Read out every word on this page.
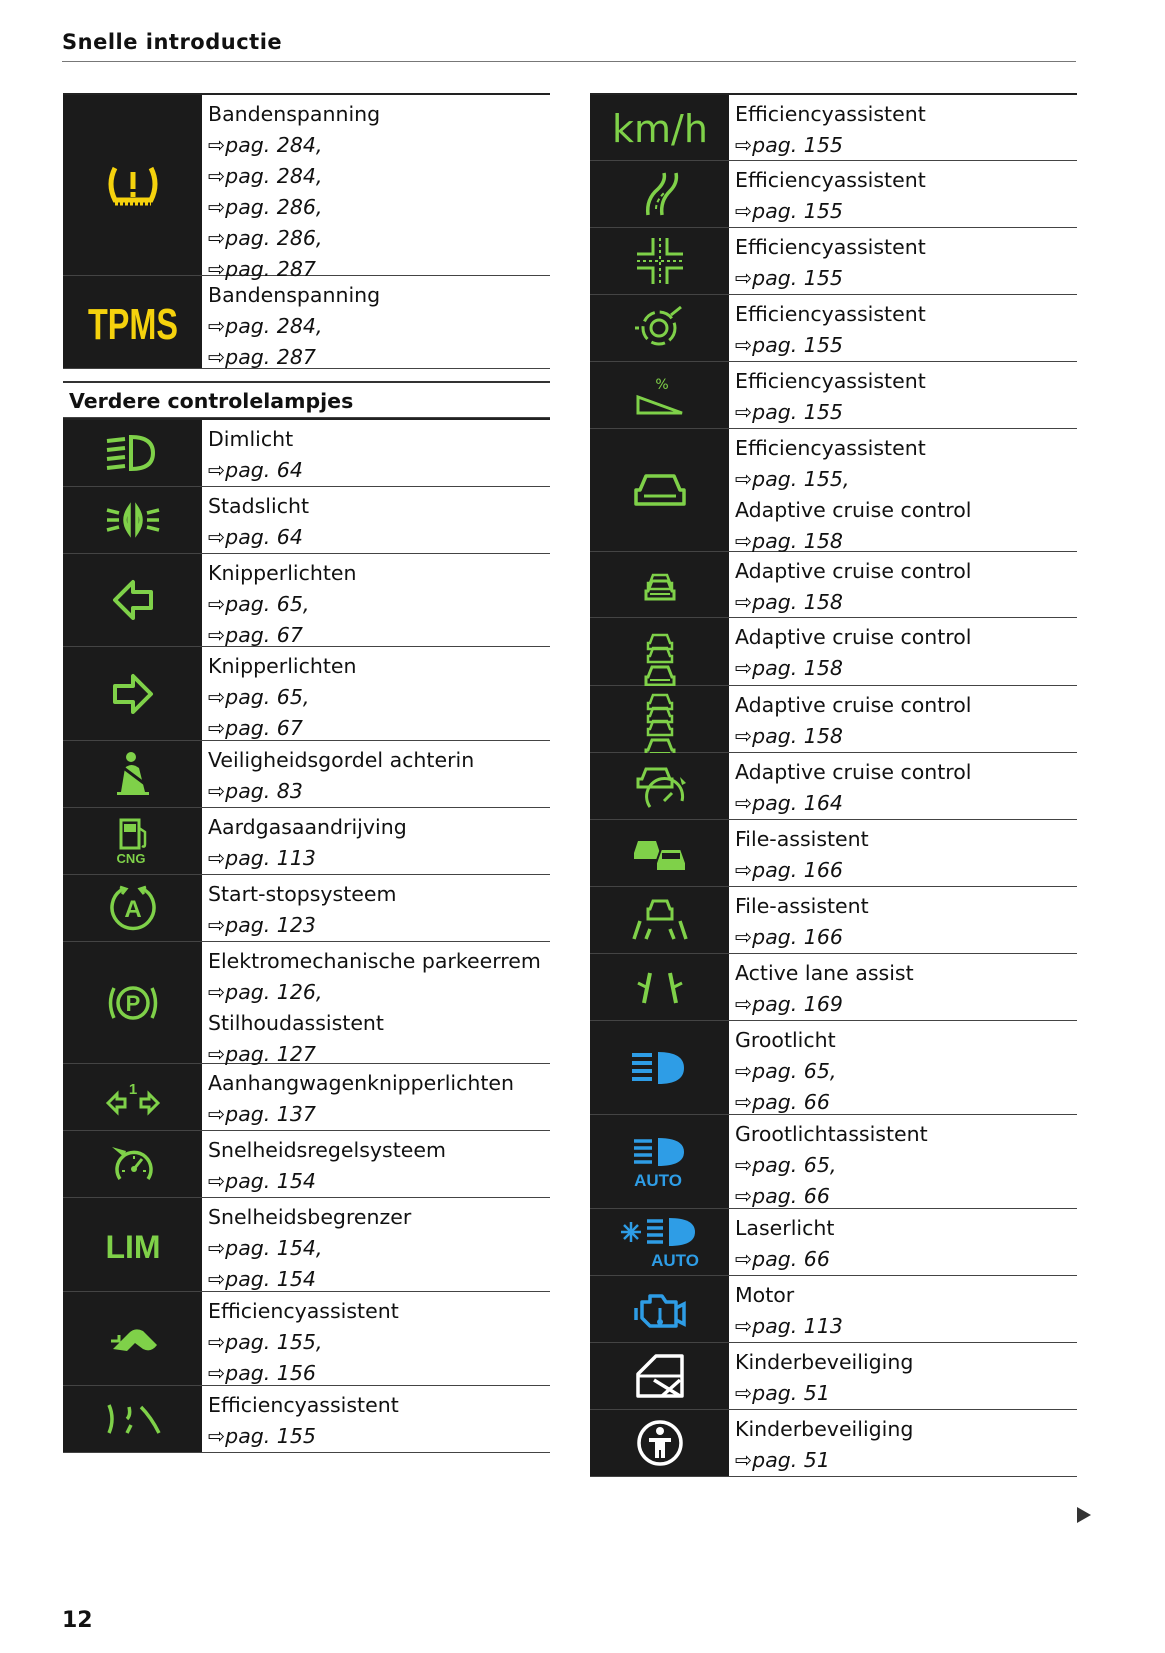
Snelle introductie
Bandenspanning
⇨pag. 284,
⇨pag. 284,
⇨pag. 286,
⇨pag. 286,
⇨pag. 287
TPMS
Bandenspanning
⇨pag. 284,
⇨pag. 287
Verdere controlelampjes
Dimlicht
⇨pag. 64
Stadslicht
⇨pag. 64
Knipperlichten
⇨pag. 65,
⇨pag. 67
Knipperlichten
⇨pag. 65,
⇨pag. 67
Veiligheidsgordel achterin
⇨pag. 83
CNG
Aardgasaandrijving
⇨pag. 113
A
Start-stopsysteem
⇨pag. 123
P
Elektromechanische parkeerrem
⇨pag. 126,
Stilhoudassistent
⇨pag. 127
1	Aanhangwagenknipperlichten
⇨pag. 137
Snelheidsregelsysteem
⇨pag. 154
LIM
Snelheidsbegrenzer
⇨pag. 154,
⇨pag. 154
Efficiencyassistent
⇨pag. 155,
⇨pag. 156
Efficiencyassistent
⇨pag. 155
km/h Efficiencyassistent
⇨pag. 155
Efficiencyassistent
⇨pag. 155
Efficiencyassistent
⇨pag. 155
Efficiencyassistent
⇨pag. 155
%	Efficiencyassistent
⇨pag. 155
Efficiencyassistent
⇨pag. 155,
Adaptive cruise control
⇨pag. 158
Adaptive cruise control
⇨pag. 158
Adaptive cruise control
⇨pag. 158
Adaptive cruise control
⇨pag. 158
Adaptive cruise control
⇨pag. 164
File-assistent
⇨pag. 166
File-assistent
⇨pag. 166
Active lane assist
⇨pag. 169
Grootlicht
⇨pag. 65,
⇨pag. 66
AUTO
Grootlichtassistent
⇨pag. 65,
⇨pag. 66
AUTO
Laserlicht
⇨pag. 66
Motor
⇨pag. 113
Kinderbeveiliging
⇨pag. 51
Kinderbeveiliging
⇨pag. 51
12
